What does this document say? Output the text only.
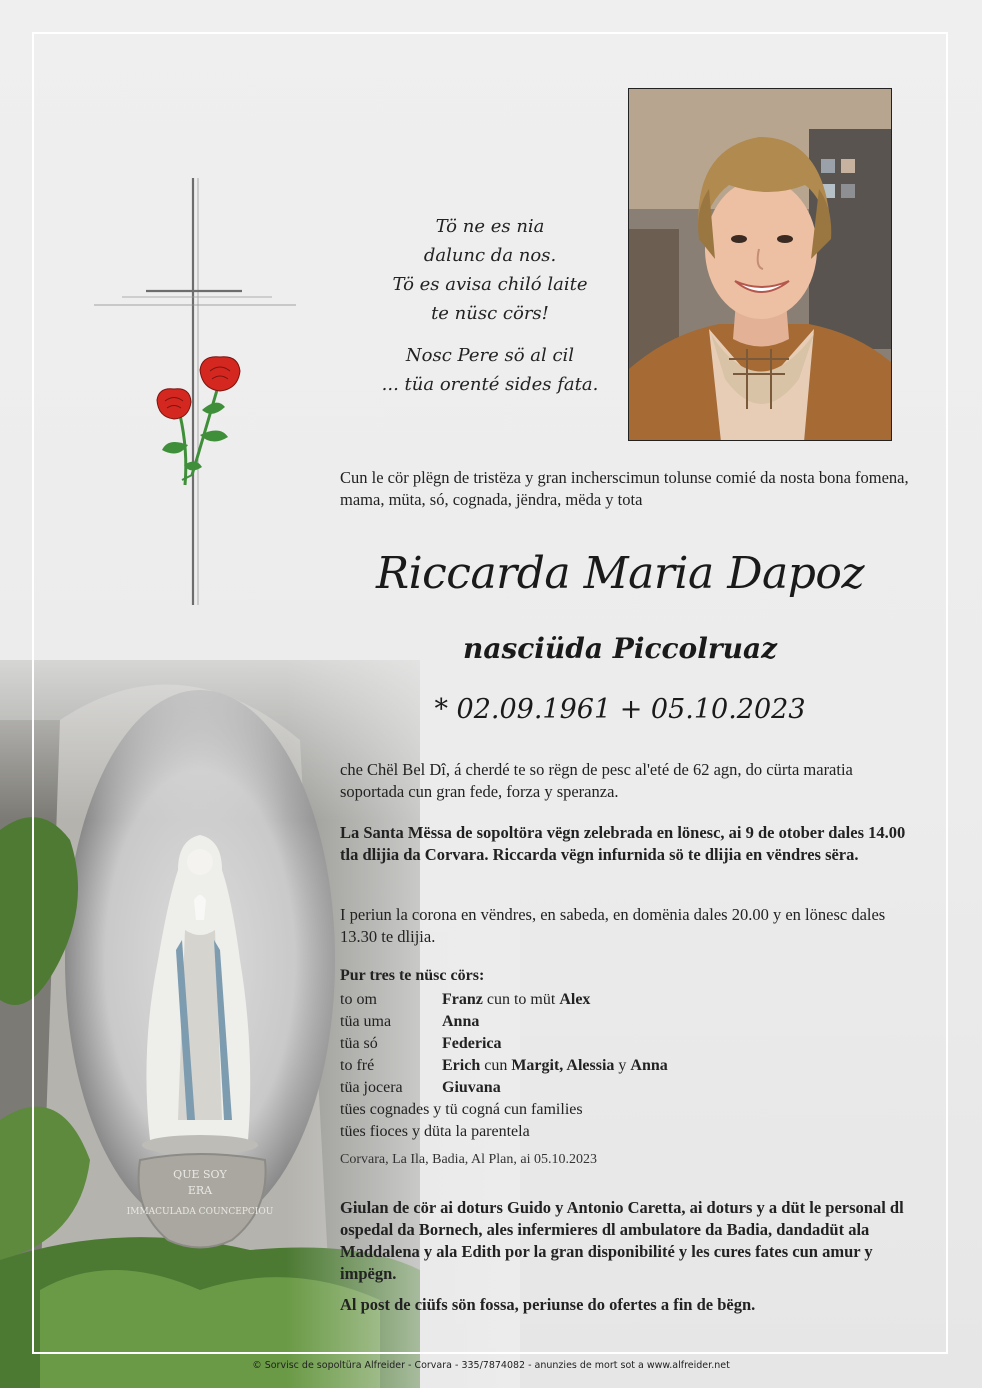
Tö ne es nia
dalunc da nos.
Tö es avisa chiló laite
te nüsc cörs!

Nosc Pere sö al cil
... tüa orenté sides fata.

Cun le cör plëgn de tristëza y gran incherscimun tolunse comié da nosta bona fomena, mama, müta, só, cognada, jëndra, mëda y tota
Riccarda Maria Dapoz
nasciüda Piccolruaz
* 02.09.1961 + 05.10.2023
che Chël Bel Dî, á cherdé te so rëgn de pesc al'eté de 62 agn, do cürta maratia soportada cun gran fede, forza y speranza.
La Santa Mëssa de sopoltöra vëgn zelebrada en lönesc, ai 9 de otober dales 14.00 tla dlijia da Corvara. Riccarda vëgn infurnida sö te dlijia en vëndres sëra.
I periun la corona en vëndres, en sabeda, en domënia dales 20.00 y en lönesc dales 13.30 te dlijia.
Pur tres te nüsc cörs:
to om	Franz cun to müt Alex
tüa uma	Anna
tüa só	Federica
to fré	Erich cun Margit, Alessia y Anna
tüa jocera	Giuvana
tües cognades y tü cogná cun families
tües fioces y düta la parentela
Corvara, La Ila, Badia, Al Plan, ai 05.10.2023
Giulan de cör ai doturs Guido y Antonio Caretta, ai doturs y a düt le personal dl ospedal da Bornech, ales infermieres dl ambulatore da Badia, dandadüt ala Maddalena y ala Edith por la gran disponibilité y les cures fates cun amur y impëgn.
Al post de ciüfs sön fossa, periunse do ofertes a fin de bëgn.
© Sorvisc de sopoltüra Alfreider - Corvara - 335/7874082 - anunzies de mort sot a www.alfreider.net
